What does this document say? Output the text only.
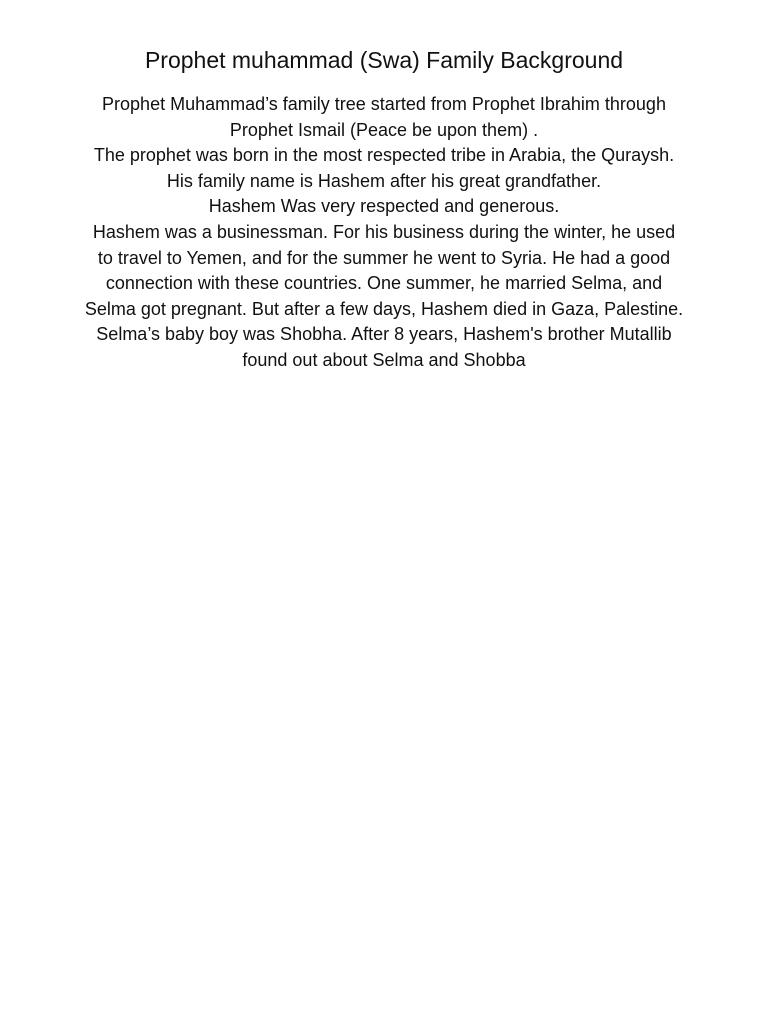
Prophet muhammad (Swa) Family Background

Prophet Muhammad’s family tree started from Prophet Ibrahim through Prophet Ismail (Peace be upon them) .

The prophet was born in the most respected tribe in Arabia, the Quraysh.

His family name is Hashem after his great grandfather.

Hashem Was very respected and generous.

Hashem was a businessman. For his business during the winter, he used to travel to Yemen, and for the summer he went to Syria. He had a good connection with these countries. One summer, he married Selma, and Selma got pregnant. But after a few days, Hashem died in Gaza, Palestine. Selma’s baby boy was Shobha. After 8 years, Hashem's brother Mutallib found out about Selma and Shobba
